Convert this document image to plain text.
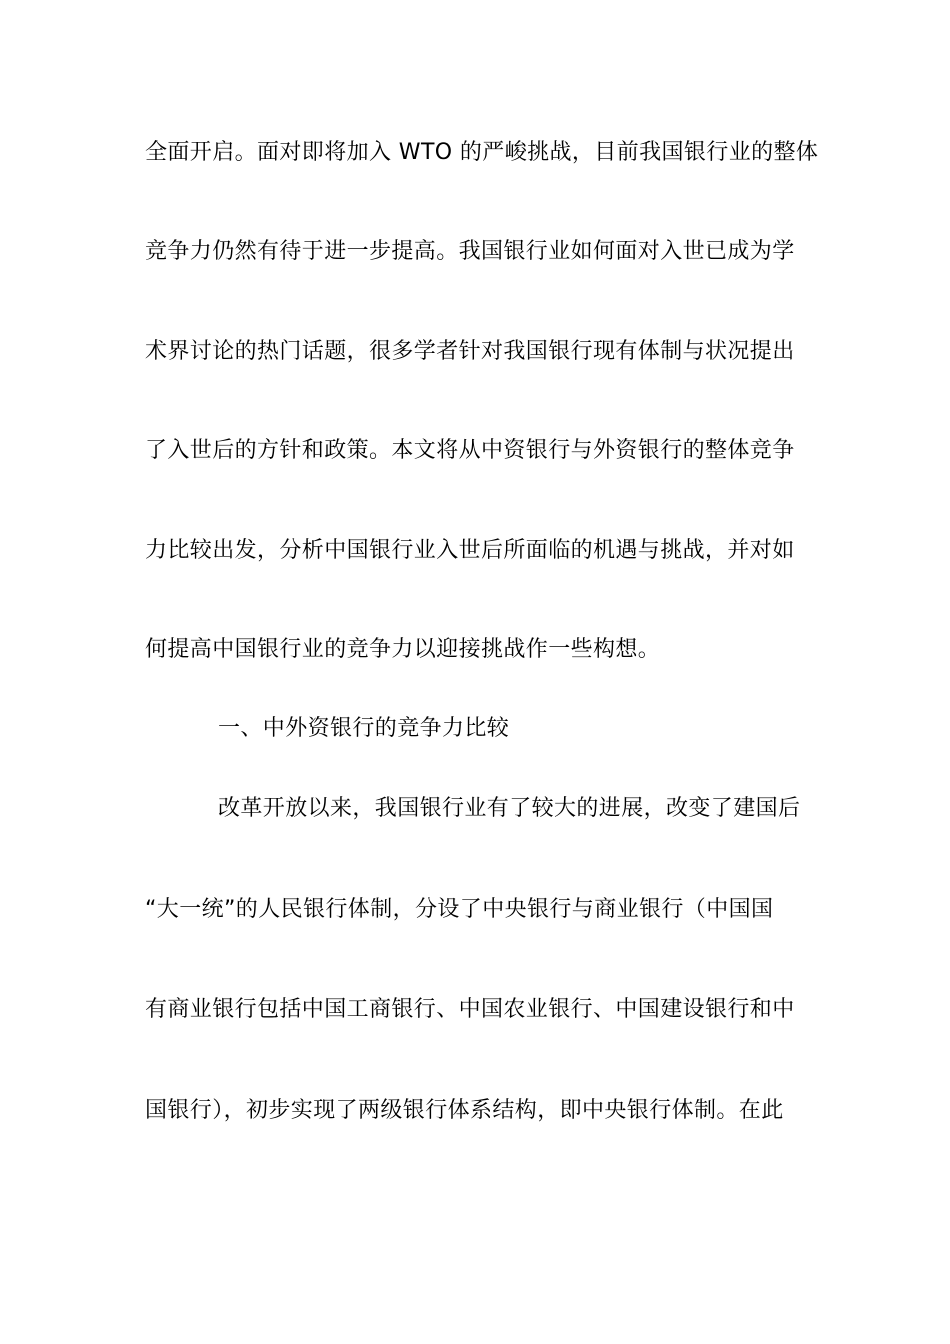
全面开启。面对即将加入 WTO 的严峻挑战，目前我国银行业的整体
竞争力仍然有待于进一步提高。我国银行业如何面对入世已成为学
术界讨论的热门话题，很多学者针对我国银行现有体制与状况提出
了入世后的方针和政策。本文将从中资银行与外资银行的整体竞争
力比较出发，分析中国银行业入世后所面临的机遇与挑战，并对如
何提高中国银行业的竞争力以迎接挑战作一些构想。
一、中外资银行的竞争力比较
改革开放以来，我国银行业有了较大的进展，改变了建国后
“大一统”的人民银行体制，分设了中央银行与商业银行（中国国
有商业银行包括中国工商银行、中国农业银行、中国建设银行和中
国银行），初步实现了两级银行体系结构，即中央银行体制。在此
